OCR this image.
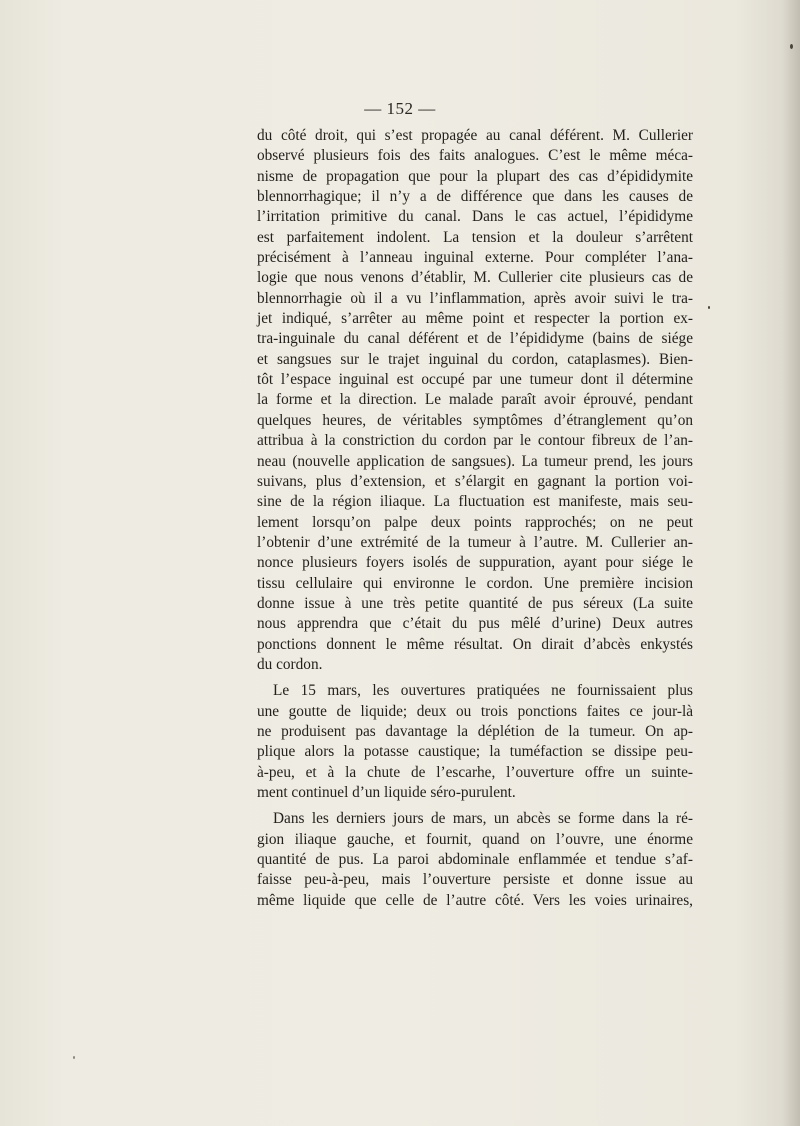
— 152 —
du côté droit, qui s’est propagée au canal déférent. M. Cullerier
observé plusieurs fois des faits analogues. C’est le même méca-
nisme de propagation que pour la plupart des cas d’épididymite
blennorrhagique; il n’y a de différence que dans les causes de
l’irritation primitive du canal. Dans le cas actuel, l’épididyme
est parfaitement indolent. La tension et la douleur s’arrêtent
précisément à l’anneau inguinal externe. Pour compléter l’ana-
logie que nous venons d’établir, M. Cullerier cite plusieurs cas de
blennorrhagie où il a vu l’inflammation, après avoir suivi le tra-
jet indiqué, s’arrêter au même point et respecter la portion ex-
tra-inguinale du canal déférent et de l’épididyme (bains de siége
et sangsues sur le trajet inguinal du cordon, cataplasmes). Bien-
tôt l’espace inguinal est occupé par une tumeur dont il détermine
la forme et la direction. Le malade paraît avoir éprouvé, pendant
quelques heures, de véritables symptômes d’étranglement qu’on
attribua à la constriction du cordon par le contour fibreux de l’an-
neau (nouvelle application de sangsues). La tumeur prend, les jours
suivans, plus d’extension, et s’élargit en gagnant la portion voi-
sine de la région iliaque. La fluctuation est manifeste, mais seu-
lement lorsqu’on palpe deux points rapprochés; on ne peut
l’obtenir d’une extrémité de la tumeur à l’autre. M. Cullerier an-
nonce plusieurs foyers isolés de suppuration, ayant pour siége le
tissu cellulaire qui environne le cordon. Une première incision
donne issue à une très petite quantité de pus séreux (La suite
nous apprendra que c’était du pus mêlé d’urine) Deux autres
ponctions donnent le même résultat. On dirait d’abcès enkystés
du cordon.
Le 15 mars, les ouvertures pratiquées ne fournissaient plus
une goutte de liquide; deux ou trois ponctions faites ce jour-là
ne produisent pas davantage la déplétion de la tumeur. On ap-
plique alors la potasse caustique; la tuméfaction se dissipe peu-
à-peu, et à la chute de l’escarhe, l’ouverture offre un suinte-
ment continuel d’un liquide séro-purulent.
Dans les derniers jours de mars, un abcès se forme dans la ré-
gion iliaque gauche, et fournit, quand on l’ouvre, une énorme
quantité de pus. La paroi abdominale enflammée et tendue s’af-
faisse peu-à-peu, mais l’ouverture persiste et donne issue au
même liquide que celle de l’autre côté. Vers les voies urinaires,
